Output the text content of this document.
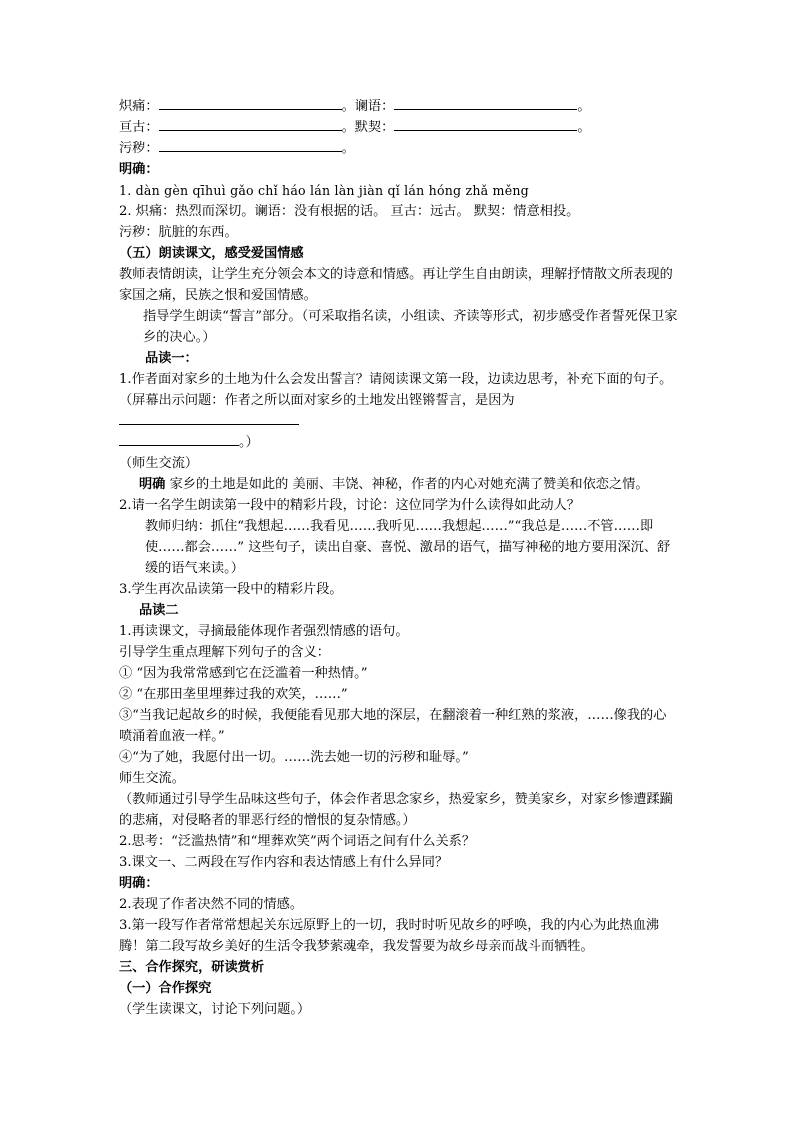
炽痛：	。谰语：	。
亘古：	。默契：	。
污秽：	。
明确：
1. dàn gèn qīhuì gǎo chǐ háo lán làn jiàn qǐ lán hóng zhǎ měng
2. 炽痛：热烈而深切。谰语：没有根据的话。 亘古：远古。 默契：情意相投。
污秽：肮脏的东西。
（五）朗读课文，感受爱国情感
教师表情朗读，让学生充分领会本文的诗意和情感。再让学生自由朗读，理解抒情散文所表现的家国之痛，民族之恨和爱国情感。
指导学生朗读“誓言”部分。（可采取指名读，小组读、齐读等形式，初步感受作者誓死保卫家乡的决心。）
品读一：
1.作者面对家乡的土地为什么会发出誓言？请阅读课文第一段，边读边思考，补充下面的句子。
（屏幕出示问题：作者之所以面对家乡的土地发出铿锵誓言，是因为
。）
（师生交流）
明确 家乡的土地是如此的 美丽、丰饶、神秘，作者的内心对她充满了赞美和依恋之情。
2.请一名学生朗读第一段中的精彩片段，讨论：这位同学为什么读得如此动人？
教师归纳：抓住“我想起……我看见……我听见……我想起……”“我总是……不管……即使……都会……” 这些句子，读出自豪、喜悦、激昂的语气，描写神秘的地方要用深沉、舒缓的语气来读。）
3.学生再次品读第一段中的精彩片段。
品读二
1.再读课文，寻摘最能体现作者强烈情感的语句。
引导学生重点理解下列句子的含义：
① “因为我常常感到它在泛滥着一种热情。”
② “在那田垄里埋葬过我的欢笑，……”
③“当我记起故乡的时候，我便能看见那大地的深层，在翻滚着一种红熟的浆液，……像我的心喷涌着血液一样。”
④“为了她，我愿付出一切。……洗去她一切的污秽和耻辱。”
师生交流。
（教师通过引导学生品味这些句子，体会作者思念家乡，热爱家乡，赞美家乡，对家乡惨遭蹂躏的悲痛，对侵略者的罪恶行经的憎恨的复杂情感。）
2.思考：“泛滥热情”和“埋葬欢笑”两个词语之间有什么关系？
3.课文一、二两段在写作内容和表达情感上有什么异同？
明确：
2.表现了作者决然不同的情感。
3.第一段写作者常常想起关东远原野上的一切，我时时听见故乡的呼唤，我的内心为此热血沸腾！第二段写故乡美好的生活令我梦萦魂牵，我发誓要为故乡母亲而战斗而牺牲。
三、合作探究，研读赏析
（一）合作探究
（学生读课文，讨论下列问题。）
